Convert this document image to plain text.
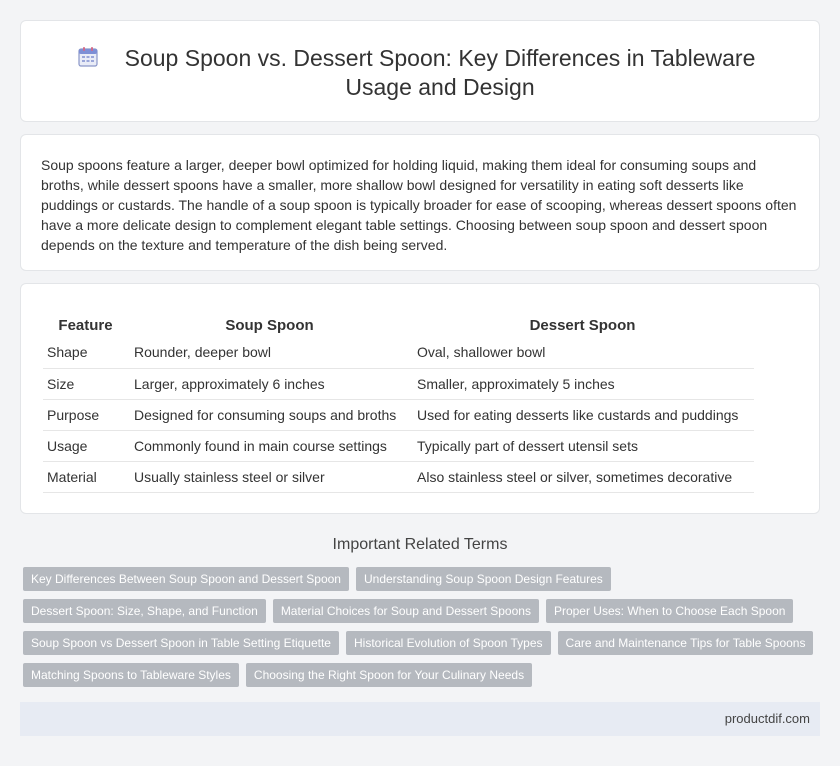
Soup Spoon vs. Dessert Spoon: Key Differences in Tableware Usage and Design

Soup spoons feature a larger, deeper bowl optimized for holding liquid, making them ideal for consuming soups and broths, while dessert spoons have a smaller, more shallow bowl designed for versatility in eating soft desserts like puddings or custards. The handle of a soup spoon is typically broader for ease of scooping, whereas dessert spoons often have a more delicate design to complement elegant table settings. Choosing between soup spoon and dessert spoon depends on the texture and temperature of the dish being served.

Feature	Soup Spoon	Dessert Spoon
Shape	Rounder, deeper bowl	Oval, shallower bowl
Size	Larger, approximately 6 inches	Smaller, approximately 5 inches
Purpose	Designed for consuming soups and broths	Used for eating desserts like custards and puddings
Usage	Commonly found in main course settings	Typically part of dessert utensil sets
Material	Usually stainless steel or silver	Also stainless steel or silver, sometimes decorative
Important Related Terms
Key Differences Between Soup Spoon and Dessert Spoon	Understanding Soup Spoon Design Features
Dessert Spoon: Size, Shape, and Function	Material Choices for Soup and Dessert Spoons	Proper Uses: When to Choose Each Spoon
Soup Spoon vs Dessert Spoon in Table Setting Etiquette	Historical Evolution of Spoon Types	Care and Maintenance Tips for Table Spoons
Matching Spoons to Tableware Styles	Choosing the Right Spoon for Your Culinary Needs
productdif.com
